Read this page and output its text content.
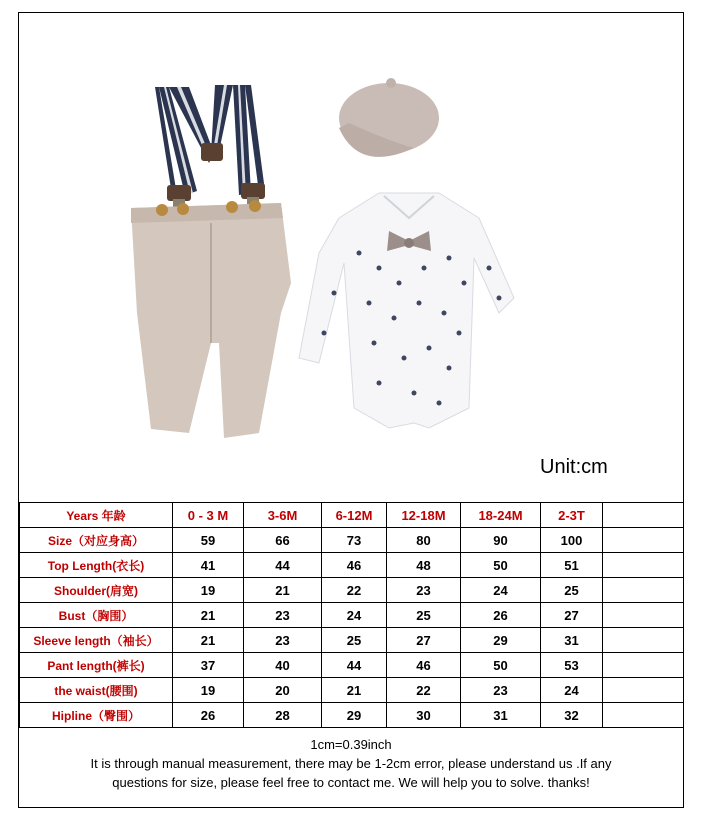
Unit:cm
Years 年龄	0 - 3 M	3-6M	6-12M	12-18M	18-24M	2-3T	
Size（对应身高）	59	66	73	80	90	100	
Top Length(衣长)	41	44	46	48	50	51	
Shoulder(肩宽)	19	21	22	23	24	25	
Bust（胸围）	21	23	24	25	26	27	
Sleeve length（袖长）	21	23	25	27	29	31	
Pant length(裤长)	37	40	44	46	50	53	
the waist(腰围)	19	20	21	22	23	24	
Hipline（臀围）	26	28	29	30	31	32	
1cm=0.39inch
It is through manual measurement, there may be 1-2cm error, please understand us .If any
questions for size, please feel free to contact me. We will help you to solve. thanks!
